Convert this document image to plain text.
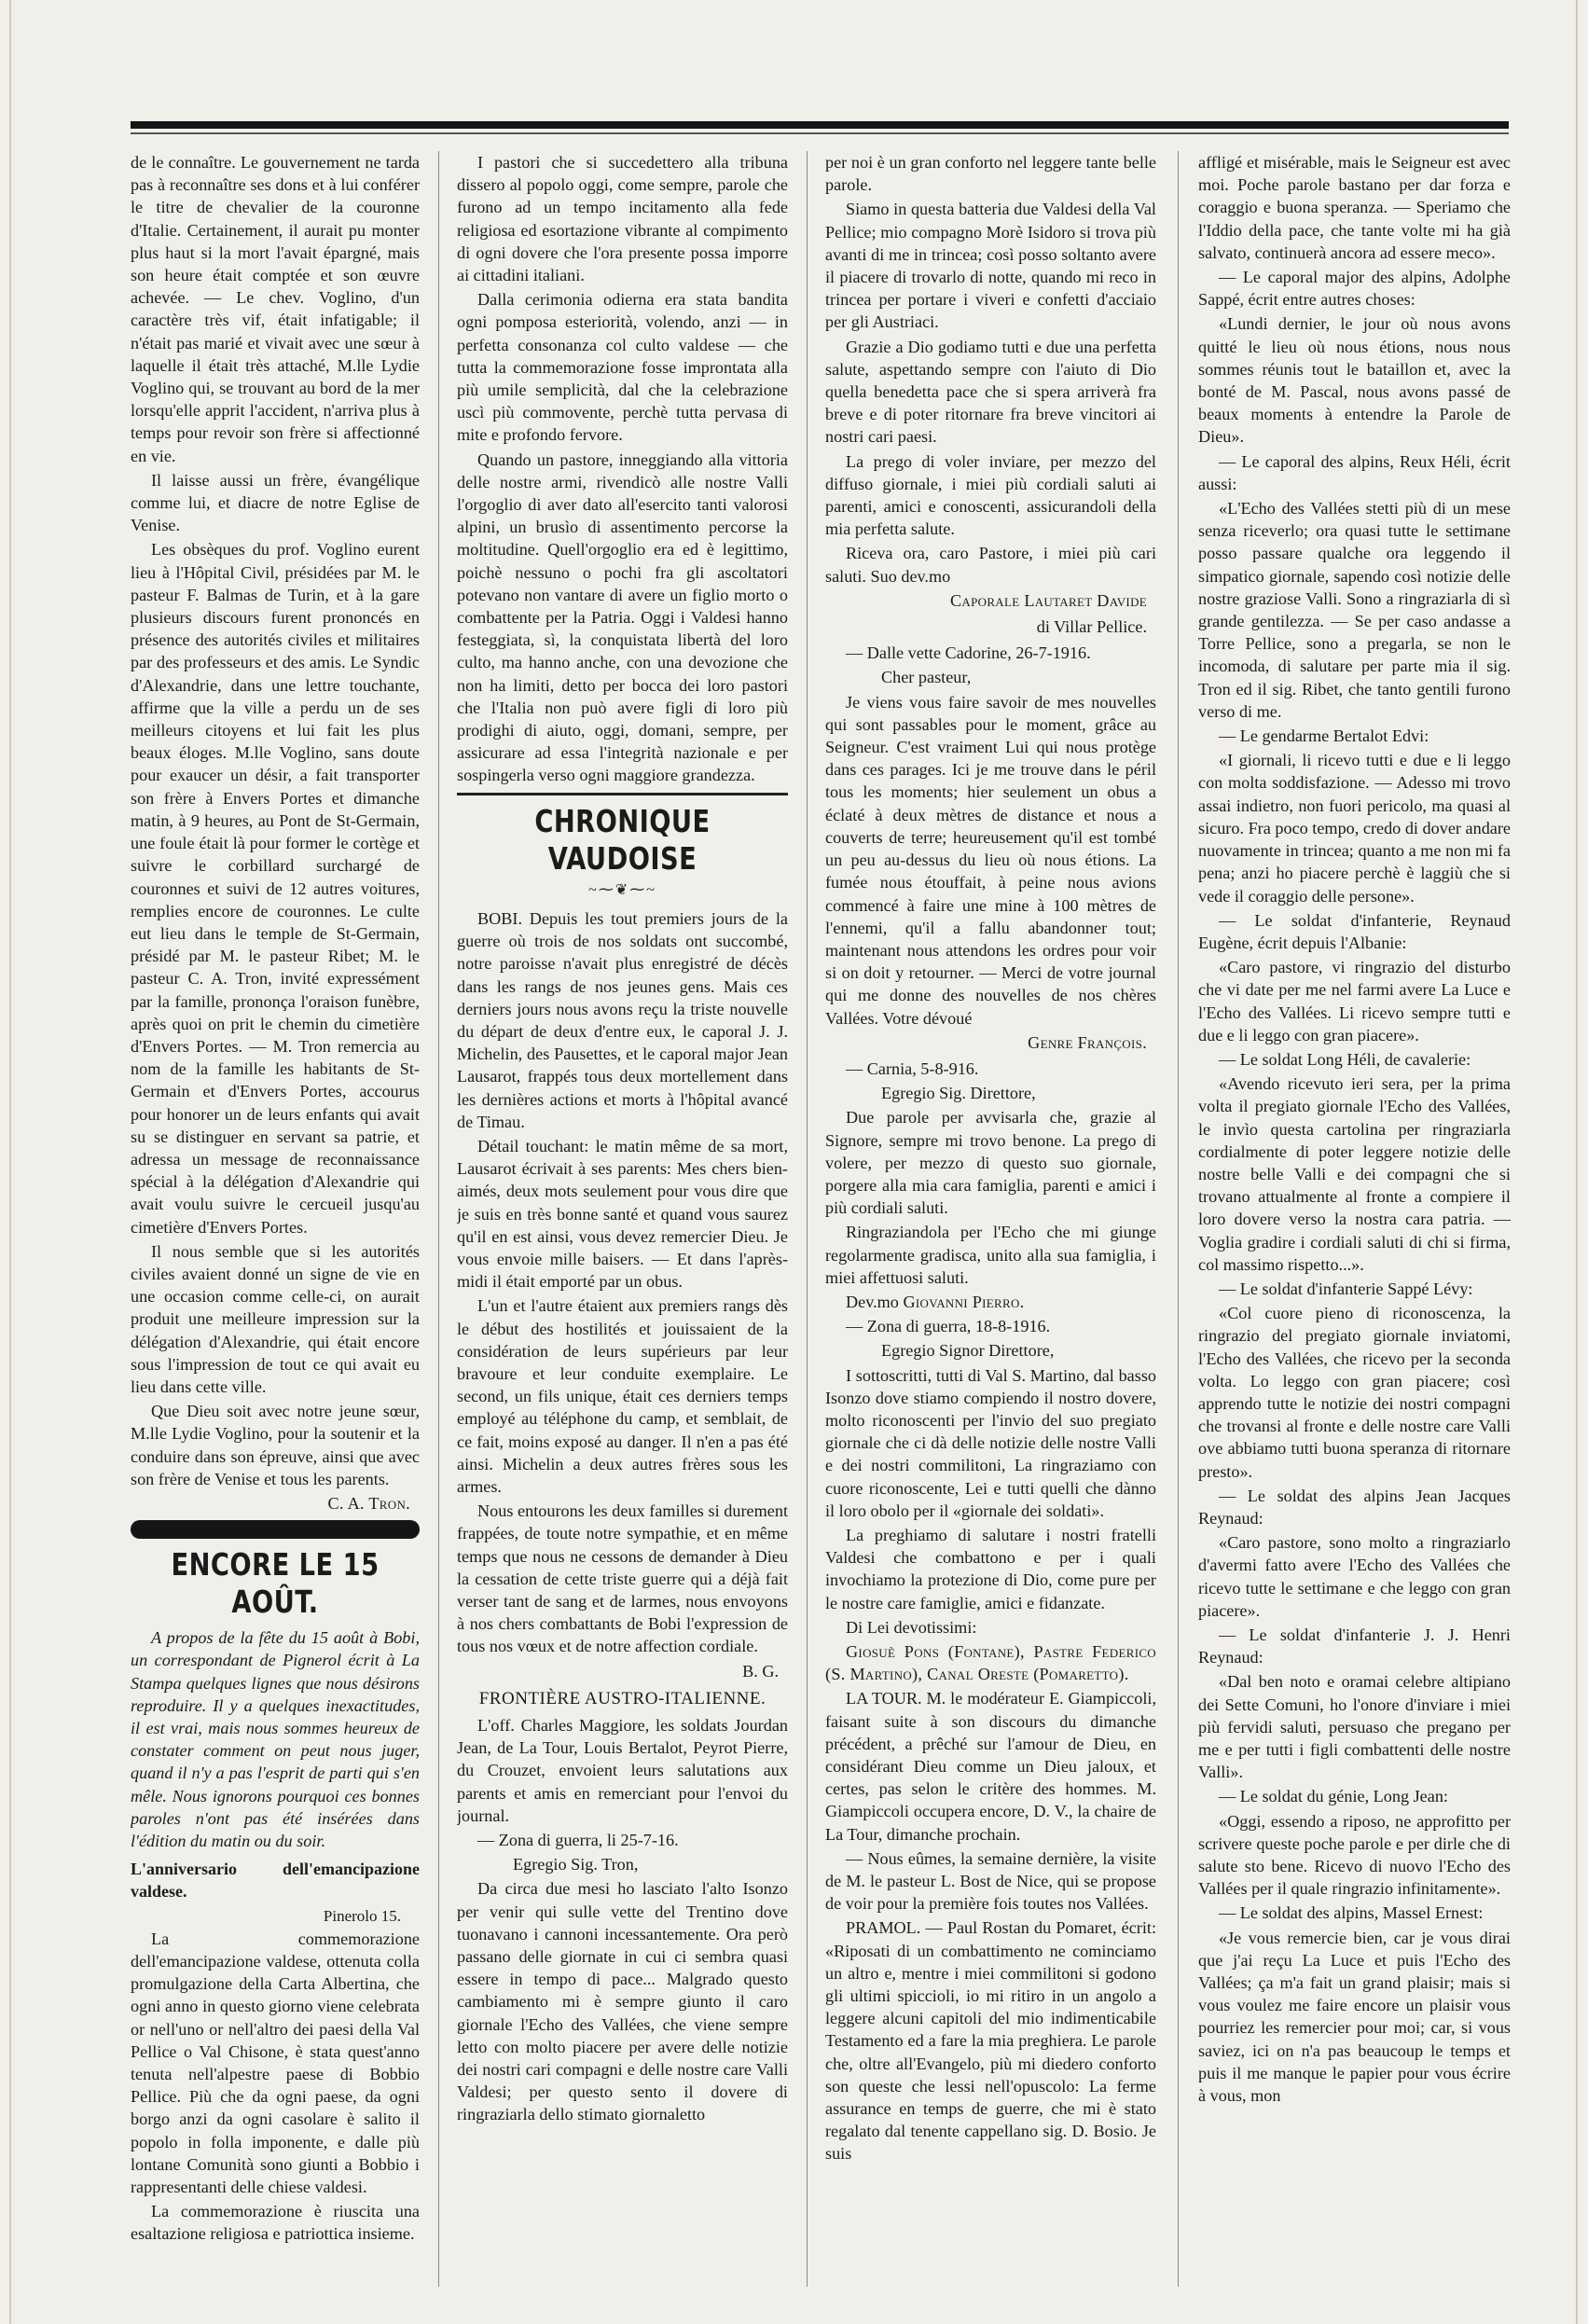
de le connaître. Le gouvernement ne tarda pas à reconnaître ses dons et à lui conférer le titre de chevalier de la couronne d'Italie. Certainement, il aurait pu monter plus haut si la mort l'avait épargné, mais son heure était comptée et son œuvre achevée. — Le chev. Voglino, d'un caractère très vif, était infatigable; il n'était pas marié et vivait avec une sœur à laquelle il était très attaché, M.lle Lydie Voglino qui, se trouvant au bord de la mer lorsqu'elle apprit l'accident, n'arriva plus à temps pour revoir son frère si affectionné en vie.

Il laisse aussi un frère, évangélique comme lui, et diacre de notre Eglise de Venise.

Les obsèques du prof. Voglino eurent lieu à l'Hôpital Civil, présidées par M. le pasteur F. Balmas de Turin, et à la gare plusieurs discours furent prononcés en présence des autorités civiles et militaires par des professeurs et des amis. Le Syndic d'Alexandrie, dans une lettre touchante, affirme que la ville a perdu un de ses meilleurs citoyens et lui fait les plus beaux éloges. M.lle Voglino, sans doute pour exaucer un désir, a fait transporter son frère à Envers Portes et dimanche matin, à 9 heures, au Pont de St-Germain, une foule était là pour former le cortège et suivre le corbillard surchargé de couronnes et suivi de 12 autres voitures, remplies encore de couronnes. Le culte eut lieu dans le temple de St-Germain, présidé par M. le pasteur Ribet; M. le pasteur C. A. Tron, invité expressément par la famille, prononça l'oraison funèbre, après quoi on prit le chemin du cimetière d'Envers Portes. — M. Tron remercia au nom de la famille les habitants de St-Germain et d'Envers Portes, accourus pour honorer un de leurs enfants qui avait su se distinguer en servant sa patrie, et adressa un message de reconnaissance spécial à la délégation d'Alexandrie qui avait voulu suivre le cercueil jusqu'au cimetière d'Envers Portes.

Il nous semble que si les autorités civiles avaient donné un signe de vie en une occasion comme celle-ci, on aurait produit une meilleure impression sur la délégation d'Alexandrie, qui était encore sous l'impression de tout ce qui avait eu lieu dans cette ville.

Que Dieu soit avec notre jeune sœur, M.lle Lydie Voglino, pour la soutenir et la conduire dans son épreuve, ainsi que avec son frère de Venise et tous les parents.

C. A. Tron.

ENCORE LE 15 AOÛT.

A propos de la fête du 15 août à Bobi, un correspondant de Pignerol écrit à La Stampa quelques lignes que nous désirons reproduire. Il y a quelques inexactitudes, il est vrai, mais nous sommes heureux de constater comment on peut nous juger, quand il n'y a pas l'esprit de parti qui s'en mêle. Nous ignorons pourquoi ces bonnes paroles n'ont pas été insérées dans l'édition du matin ou du soir.

L'anniversario dell'emancipazione valdese.

Pinerolo 15.

La commemorazione dell'emancipazione valdese, ottenuta colla promulgazione della Carta Albertina, che ogni anno in questo giorno viene celebrata or nell'uno or nell'altro dei paesi della Val Pellice o Val Chisone, è stata quest'anno tenuta nell'alpestre paese di Bobbio Pellice. Più che da ogni paese, da ogni borgo anzi da ogni casolare è salito il popolo in folla imponente, e dalle più lontane Comunità sono giunti a Bobbio i rappresentanti delle chiese valdesi.

La commemorazione è riuscita una esaltazione religiosa e patriottica insieme.

I pastori che si succedettero alla tribuna dissero al popolo oggi, come sempre, parole che furono ad un tempo incitamento alla fede religiosa ed esortazione vibrante al compimento di ogni dovere che l'ora presente possa imporre ai cittadini italiani.

Dalla cerimonia odierna era stata bandita ogni pomposa esteriorità, volendo, anzi — in perfetta consonanza col culto valdese — che tutta la commemorazione fosse improntata alla più umile semplicità, dal che la celebrazione uscì più commovente, perchè tutta pervasa di mite e profondo fervore.

Quando un pastore, inneggiando alla vittoria delle nostre armi, rivendicò alle nostre Valli l'orgoglio di aver dato all'esercito tanti valorosi alpini, un brusìo di assentimento percorse la moltitudine. Quell'orgoglio era ed è legittimo, poichè nessuno o pochi fra gli ascoltatori potevano non vantare di avere un figlio morto o combattente per la Patria. Oggi i Valdesi hanno festeggiata, sì, la conquistata libertà del loro culto, ma hanno anche, con una devozione che non ha limiti, detto per bocca dei loro pastori che l'Italia non può avere figli di loro più prodighi di aiuto, oggi, domani, sempre, per assicurare ad essa l'integrità nazionale e per sospingerla verso ogni maggiore grandezza.

CHRONIQUE VAUDOISE
~⁓❦⁓~

BOBI. Depuis les tout premiers jours de la guerre où trois de nos soldats ont succombé, notre paroisse n'avait plus enregistré de décès dans les rangs de nos jeunes gens. Mais ces derniers jours nous avons reçu la triste nouvelle du départ de deux d'entre eux, le caporal J. J. Michelin, des Pausettes, et le caporal major Jean Lausarot, frappés tous deux mortellement dans les dernières actions et morts à l'hôpital avancé de Timau.

Détail touchant: le matin même de sa mort, Lausarot écrivait à ses parents: Mes chers bien-aimés, deux mots seulement pour vous dire que je suis en très bonne santé et quand vous saurez qu'il en est ainsi, vous devez remercier Dieu. Je vous envoie mille baisers. — Et dans l'après-midi il était emporté par un obus.

L'un et l'autre étaient aux premiers rangs dès le début des hostilités et jouissaient de la considération de leurs supérieurs par leur bravoure et leur conduite exemplaire. Le second, un fils unique, était ces derniers temps employé au téléphone du camp, et semblait, de ce fait, moins exposé au danger. Il n'en a pas été ainsi. Michelin a deux autres frères sous les armes.

Nous entourons les deux familles si durement frappées, de toute notre sympathie, et en même temps que nous ne cessons de demander à Dieu la cessation de cette triste guerre qui a déjà fait verser tant de sang et de larmes, nous envoyons à nos chers combattants de Bobi l'expression de tous nos vœux et de notre affection cordiale.

B. G.

FRONTIÈRE AUSTRO-ITALIENNE.

L'off. Charles Maggiore, les soldats Jourdan Jean, de La Tour, Louis Bertalot, Peyrot Pierre, du Crouzet, envoient leurs salutations aux parents et amis en remerciant pour l'envoi du journal.

— Zona di guerra, li 25-7-16.

Egregio Sig. Tron,

Da circa due mesi ho lasciato l'alto Isonzo per venir qui sulle vette del Trentino dove tuonavano i cannoni incessantemente. Ora però passano delle giornate in cui ci sembra quasi essere in tempo di pace... Malgrado questo cambiamento mi è sempre giunto il caro giornale l'Echo des Vallées, che viene sempre letto con molto piacere per avere delle notizie dei nostri cari compagni e delle nostre care Valli Valdesi; per questo sento il dovere di ringraziarla dello stimato giornaletto

per noi è un gran conforto nel leggere tante belle parole.

Siamo in questa batteria due Valdesi della Val Pellice; mio compagno Morè Isidoro si trova più avanti di me in trincea; così posso soltanto avere il piacere di trovarlo di notte, quando mi reco in trincea per portare i viveri e confetti d'acciaio per gli Austriaci.

Grazie a Dio godiamo tutti e due una perfetta salute, aspettando sempre con l'aiuto di Dio quella benedetta pace che si spera arriverà fra breve e di poter ritornare fra breve vincitori ai nostri cari paesi.

La prego di voler inviare, per mezzo del diffuso giornale, i miei più cordiali saluti ai parenti, amici e conoscenti, assicurandoli della mia perfetta salute.

Riceva ora, caro Pastore, i miei più cari saluti. Suo dev.mo

Caporale Lautaret Davide

di Villar Pellice.

— Dalle vette Cadorine, 26-7-1916.

Cher pasteur,

Je viens vous faire savoir de mes nouvelles qui sont passables pour le moment, grâce au Seigneur. C'est vraiment Lui qui nous protège dans ces parages. Ici je me trouve dans le péril tous les moments; hier seulement un obus a éclaté à deux mètres de distance et nous a couverts de terre; heureusement qu'il est tombé un peu au-dessus du lieu où nous étions. La fumée nous étouffait, à peine nous avions commencé à faire une mine à 100 mètres de l'ennemi, qu'il a fallu abandonner tout; maintenant nous attendons les ordres pour voir si on doit y retourner. — Merci de votre journal qui me donne des nouvelles de nos chères Vallées. Votre dévoué

Genre François.

— Carnia, 5-8-916.

Egregio Sig. Direttore,

Due parole per avvisarla che, grazie al Signore, sempre mi trovo benone. La prego di volere, per mezzo di questo suo giornale, porgere alla mia cara famiglia, parenti e amici i più cordiali saluti.

Ringraziandola per l'Echo che mi giunge regolarmente gradisca, unito alla sua famiglia, i miei affettuosi saluti.

Dev.mo Giovanni Pierro.

— Zona di guerra, 18-8-1916.

Egregio Signor Direttore,

I sottoscritti, tutti di Val S. Martino, dal basso Isonzo dove stiamo compiendo il nostro dovere, molto riconoscenti per l'invio del suo pregiato giornale che ci dà delle notizie delle nostre Valli e dei nostri commilitoni, La ringraziamo con cuore riconoscente, Lei e tutti quelli che dànno il loro obolo per il «giornale dei soldati».

La preghiamo di salutare i nostri fratelli Valdesi che combattono e per i quali invochiamo la protezione di Dio, come pure per le nostre care famiglie, amici e fidanzate.

Di Lei devotissimi:

Giosuè Pons (Fontane), Pastre Federico (S. Martino), Canal Oreste (Pomaretto).

LA TOUR. M. le modérateur E. Giampiccoli, faisant suite à son discours du dimanche précédent, a prêché sur l'amour de Dieu, en considérant Dieu comme un Dieu jaloux, et certes, pas selon le critère des hommes. M. Giampiccoli occupera encore, D. V., la chaire de La Tour, dimanche prochain.

— Nous eûmes, la semaine dernière, la visite de M. le pasteur L. Bost de Nice, qui se propose de voir pour la première fois toutes nos Vallées.

PRAMOL. — Paul Rostan du Pomaret, écrit: «Riposati di un combattimento ne cominciamo un altro e, mentre i miei commilitoni si godono gli ultimi spiccioli, io mi ritiro in un angolo a leggere alcuni capitoli del mio indimenticabile Testamento ed a fare la mia preghiera. Le parole che, oltre all'Evangelo, più mi diedero conforto son queste che lessi nell'opuscolo: La ferme assurance en temps de guerre, che mi è stato regalato dal tenente cappellano sig. D. Bosio. Je suis

affligé et misérable, mais le Seigneur est avec moi. Poche parole bastano per dar forza e coraggio e buona speranza. — Speriamo che l'Iddio della pace, che tante volte mi ha già salvato, continuerà ancora ad essere meco».

— Le caporal major des alpins, Adolphe Sappé, écrit entre autres choses:

«Lundi dernier, le jour où nous avons quitté le lieu où nous étions, nous nous sommes réunis tout le bataillon et, avec la bonté de M. Pascal, nous avons passé de beaux moments à entendre la Parole de Dieu».

— Le caporal des alpins, Reux Héli, écrit aussi:

«L'Echo des Vallées stetti più di un mese senza riceverlo; ora quasi tutte le settimane posso passare qualche ora leggendo il simpatico giornale, sapendo così notizie delle nostre graziose Valli. Sono a ringraziarla di sì grande gentilezza. — Se per caso andasse a Torre Pellice, sono a pregarla, se non le incomoda, di salutare per parte mia il sig. Tron ed il sig. Ribet, che tanto gentili furono verso di me.

— Le gendarme Bertalot Edvi:

«I giornali, li ricevo tutti e due e li leggo con molta soddisfazione. — Adesso mi trovo assai indietro, non fuori pericolo, ma quasi al sicuro. Fra poco tempo, credo di dover andare nuovamente in trincea; quanto a me non mi fa pena; anzi ho piacere perchè è laggiù che si vede il coraggio delle persone».

— Le soldat d'infanterie, Reynaud Eugène, écrit depuis l'Albanie:

«Caro pastore, vi ringrazio del disturbo che vi date per me nel farmi avere La Luce e l'Echo des Vallées. Li ricevo sempre tutti e due e li leggo con gran piacere».

— Le soldat Long Héli, de cavalerie:

«Avendo ricevuto ieri sera, per la prima volta il pregiato giornale l'Echo des Vallées, le invìo questa cartolina per ringraziarla cordialmente di poter leggere notizie delle nostre belle Valli e dei compagni che si trovano attualmente al fronte a compiere il loro dovere verso la nostra cara patria. — Voglia gradire i cordiali saluti di chi si firma, col massimo rispetto...».

— Le soldat d'infanterie Sappé Lévy:

«Col cuore pieno di riconoscenza, la ringrazio del pregiato giornale inviatomi, l'Echo des Vallées, che ricevo per la seconda volta. Lo leggo con gran piacere; così apprendo tutte le notizie dei nostri compagni che trovansi al fronte e delle nostre care Valli ove abbiamo tutti buona speranza di ritornare presto».

— Le soldat des alpins Jean Jacques Reynaud:

«Caro pastore, sono molto a ringraziarlo d'avermi fatto avere l'Echo des Vallées che ricevo tutte le settimane e che leggo con gran piacere».

— Le soldat d'infanterie J. J. Henri Reynaud:

«Dal ben noto e oramai celebre altipiano dei Sette Comuni, ho l'onore d'inviare i miei più fervidi saluti, persuaso che pregano per me e per tutti i figli combattenti delle nostre Valli».

— Le soldat du génie, Long Jean:

«Oggi, essendo a riposo, ne approfitto per scrivere queste poche parole e per dirle che di salute sto bene. Ricevo di nuovo l'Echo des Vallées per il quale ringrazio infinitamente».

— Le soldat des alpins, Massel Ernest:

«Je vous remercie bien, car je vous dirai que j'ai reçu La Luce et puis l'Echo des Vallées; ça m'a fait un grand plaisir; mais si vous voulez me faire encore un plaisir vous pourriez les remercier pour moi; car, si vous saviez, ici on n'a pas beaucoup le temps et puis il me manque le papier pour vous écrire à vous, mon
